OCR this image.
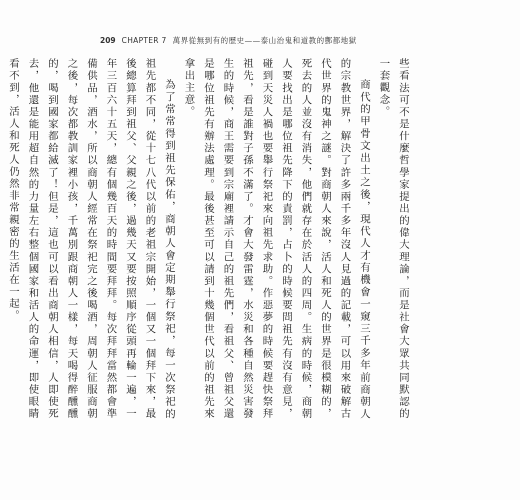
209 CHAPTER 7 萬界從無到有的歷史——泰山治鬼和道教的酆都地獄

些看法可不是什麼哲學家提出的偉大理論，而是社會大眾共同默認的一套觀念。

商代的甲骨文出土之後，現代人才有機會一窺三千多年前商朝人的宗教世界，解決了許多兩千多年沒人見過的記載，可以用來破解古代世界的鬼神之謎。對商朝人來說，活人和死人的世界是很模糊的，死去的人並沒有消失，他們就存在於活人的四周。生病的時候，商朝人要找出是哪位祖先降下的責罰，占卜的時候要問祖先有沒有意見，碰到天災人禍也要舉行祭祀來向祖先求助。作惡夢的時候要趕快祭拜祖先，看是誰對子孫不滿了。才會大發雷霆，水災和各種自然災害發生的時候，商王需要到宗廟裡請示自己的祖先們，看祖父、曾祖父還是哪位祖先有辦法處理。最後甚至可以請到十幾個世代以前的祖先來拿出主意。

為了常常得到祖先保佑，商朝人會定期舉行祭祀，每一次祭祀的祖先都不同，從十七八代以前的老祖宗開始，一個又一個拜下來，最後總算拜到祖父、父親之後，過幾天又要按照順序從頭再輪一遍，一年三百六十五天，總有個幾百天的時間要拜拜。每次拜拜當然都會準備供品，酒水，所以商朝人經常在祭祀完之後喝酒，周朝人征服商朝之後，每次都教訓家裡小孩，千萬別跟商朝人一樣，每天喝得醉醺醺的，喝到國家都給滅了！但是，這也可以看出商朝人相信，人即使死去，他還是能用超自然的力量左右整個國家和活人的命運，即使眼睛看不到，活人和死人仍然非常親密的生活在一起。
